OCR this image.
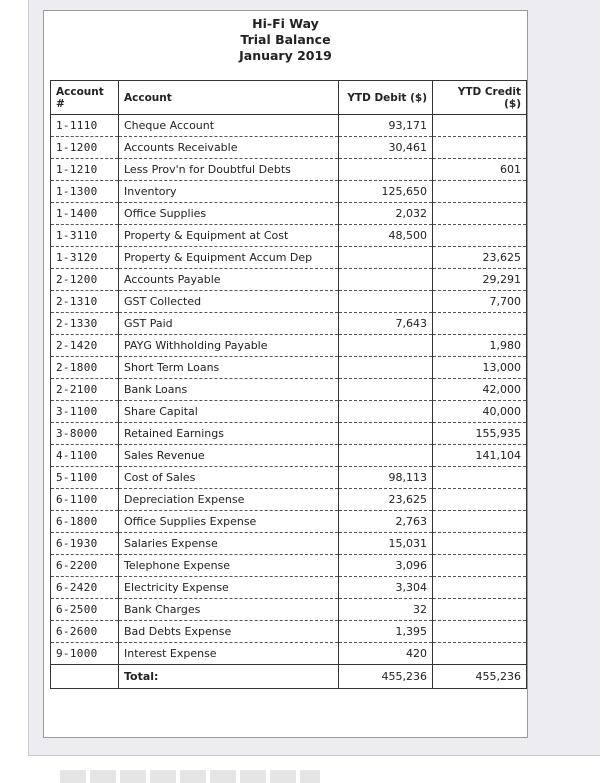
Hi-Fi Way
Trial Balance
January 2019
Account #	Account	YTD Debit ($)	YTD Credit ($)
1-1110	Cheque Account	93,171	
1-1200	Accounts Receivable	30,461	
1-1210	Less Prov'n for Doubtful Debts		601
1-1300	Inventory	125,650	
1-1400	Office Supplies	2,032	
1-3110	Property & Equipment at Cost	48,500	
1-3120	Property & Equipment Accum Dep		23,625
2-1200	Accounts Payable		29,291
2-1310	GST Collected		7,700
2-1330	GST Paid	7,643	
2-1420	PAYG Withholding Payable		1,980
2-1800	Short Term Loans		13,000
2-2100	Bank Loans		42,000
3-1100	Share Capital		40,000
3-8000	Retained Earnings		155,935
4-1100	Sales Revenue		141,104
5-1100	Cost of Sales	98,113	
6-1100	Depreciation Expense	23,625	
6-1800	Office Supplies Expense	2,763	
6-1930	Salaries Expense	15,031	
6-2200	Telephone Expense	3,096	
6-2420	Electricity Expense	3,304	
6-2500	Bank Charges	32	
6-2600	Bad Debts Expense	1,395	
9-1000	Interest Expense	420	
	Total:	455,236	455,236
